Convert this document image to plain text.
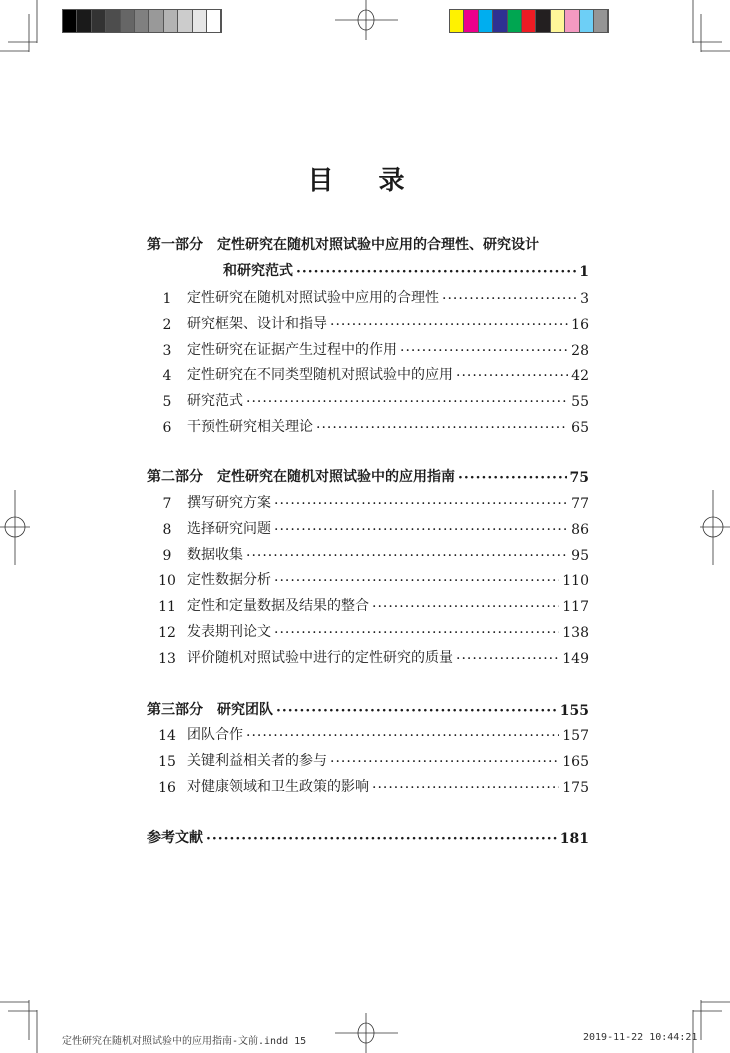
目 录
第一部分　定性研究在随机对照试验中应用的合理性、研究设计
和研究范式 ·····	1
1	定性研究在随机对照试验中应用的合理性 ·····	3
2	研究框架、设计和指导 ·····	16
3	定性研究在证据产生过程中的作用 ·····	28
4	定性研究在不同类型随机对照试验中的应用 ·····	42
5	研究范式 ·····	55
6	干预性研究相关理论 ·····	65
第二部分　定性研究在随机对照试验中的应用指南 ·····	75
7	撰写研究方案 ·····	77
8	选择研究问题 ·····	86
9	数据收集 ·····	95
10 定性数据分析 ·····	110
11 定性和定量数据及结果的整合 ·····	117
12 发表期刊论文 ·····	138
13 评价随机对照试验中进行的定性研究的质量 ·····	149
第三部分　研究团队 ·····	155
14 团队合作 ·····	157
15 关键利益相关者的参与 ·····	165
16 对健康领域和卫生政策的影响 ·····	175
参考文献 ·····	181
定性研究在随机对照试验中的应用指南-文前.indd 15	2019-11-22 10:44:21
